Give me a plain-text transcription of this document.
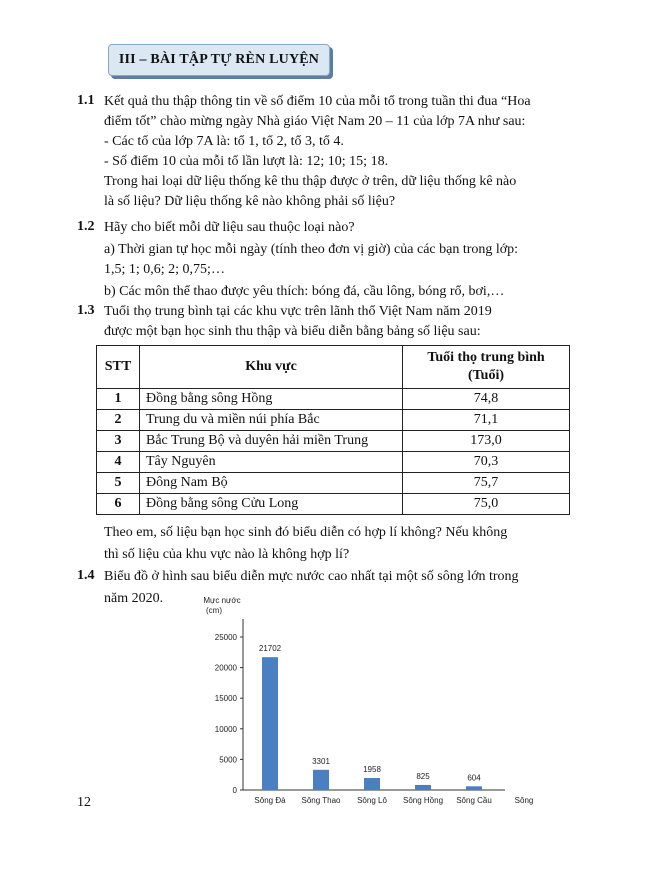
III – BÀI TẬP TỰ RÈN LUYỆN
1.1 Kết quả thu thập thông tin về số điểm 10 của mỗi tổ trong tuần thi đua “Hoa
điểm tốt” chào mừng ngày Nhà giáo Việt Nam 20 – 11 của lớp 7A như sau:
- Các tổ của lớp 7A là: tổ 1, tổ 2, tổ 3, tổ 4.
- Số điểm 10 của mỗi tổ lần lượt là: 12; 10; 15; 18.
Trong hai loại dữ liệu thống kê thu thập được ở trên, dữ liệu thống kê nào
là số liệu? Dữ liệu thống kê nào không phải số liệu?
1.2 Hãy cho biết mỗi dữ liệu sau thuộc loại nào?
a) Thời gian tự học mỗi ngày (tính theo đơn vị giờ) của các bạn trong lớp:
1,5; 1; 0,6; 2; 0,75;…
b) Các môn thể thao được yêu thích: bóng đá, cầu lông, bóng rổ, bơi,…
1.3 Tuổi thọ trung bình tại các khu vực trên lãnh thổ Việt Nam năm 2019
được một bạn học sinh thu thập và biểu diễn bằng bảng số liệu sau:
STT	Khu vực	Tuổi thọ trung bình
(Tuổi)

1	Đồng bằng sông Hồng	74,8
2	Trung du và miền núi phía Bắc	71,1
3	Bắc Trung Bộ và duyên hải miền Trung	173,0
4	Tây Nguyên	70,3
5	Đông Nam Bộ	75,7
6	Đồng bằng sông Cửu Long	75,0
Theo em, số liệu bạn học sinh đó biểu diễn có hợp lí không? Nếu không
thì số liệu của khu vực nào là không hợp lí?
1.4 Biểu đồ ở hình sau biểu diễn mực nước cao nhất tại một số sông lớn trong
năm 2020.	Mực nước
(cm)
Sông
0
5000
10000
15000
20000
25000
21702
Sông Đà
3301
Sông Thao
1958
Sông Lô
825
Sông Hồng
604
Sông Cầu
12
